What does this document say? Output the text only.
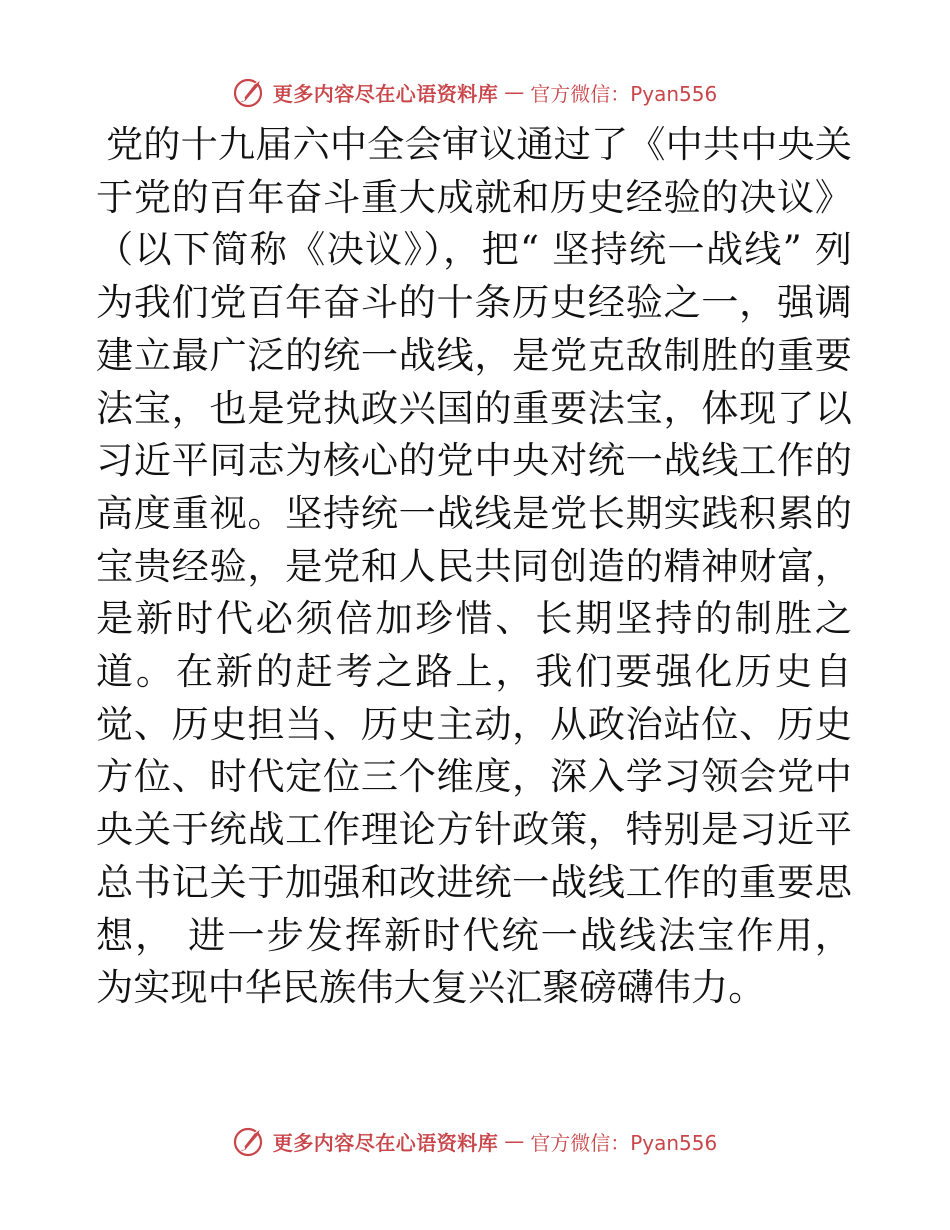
更多内容尽在心语资料库 — 官方微信：Pyan556

党的十九届六中全会审议通过了《中共中央关于党的百年奋斗重大成就和历史经验的决议》（以下简称《决议》），把“ 坚持统一战线” 列为我们党百年奋斗的十条历史经验之一，强调建立最广泛的统一战线，是党克敌制胜的重要法宝，也是党执政兴国的重要法宝，体现了以习近平同志为核心的党中央对统一战线工作的高度重视。坚持统一战线是党长期实践积累的宝贵经验，是党和人民共同创造的精神财富，是新时代必须倍加珍惜、长期坚持的制胜之道。在新的赶考之路上，我们要强化历史自觉、历史担当、历史主动，从政治站位、历史方位、时代定位三个维度，深入学习领会党中央关于统战工作理论方针政策，特别是习近平总书记关于加强和改进统一战线工作的重要思想， 进一步发挥新时代统一战线法宝作用， 为实现中华民族伟大复兴汇聚磅礴伟力。

更多内容尽在心语资料库 — 官方微信：Pyan556
